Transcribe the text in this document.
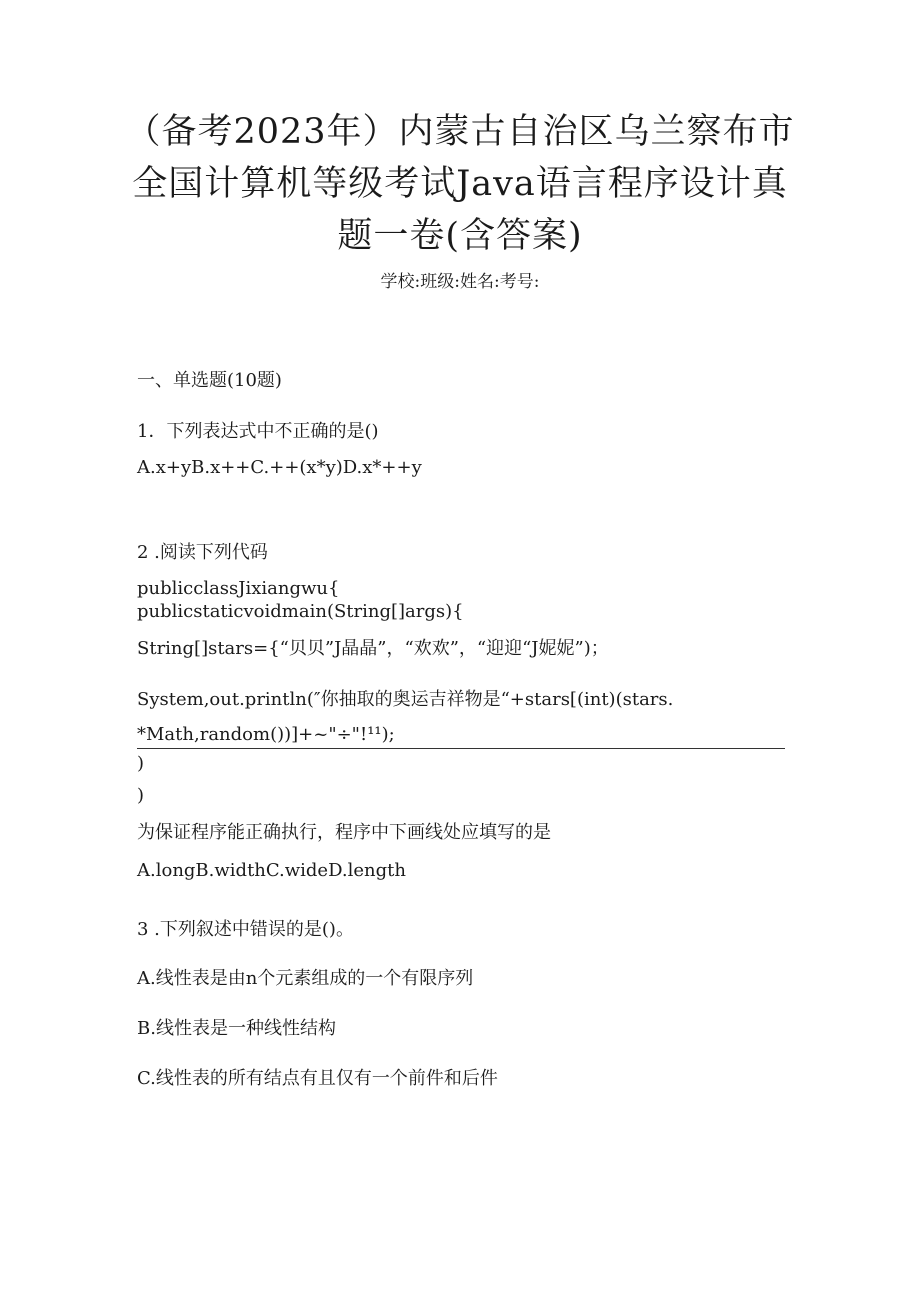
（备考2023年）内蒙古自治区乌兰察布市
全国计算机等级考试Java语言程序设计真
题一卷(含答案)
学校:班级:姓名:考号:
一、单选题(10题)
1．下列表达式中不正确的是()
A.x+yB.x++C.++(x*y)D.x*++y
2 .阅读下列代码
publicclassJixiangwu{
publicstaticvoidmain(String[]args){
String[]stars={“贝贝”J晶晶”，“欢欢”，“迎迎“J妮妮”)；
System,out.println(″你抽取的奥运吉祥物是“+stars[(int)(stars.
*Math,random())]+~"÷"!¹¹);
)
)
为保证程序能正确执行，程序中下画线处应填写的是
A.longB.widthC.wideD.length
3 .下列叙述中错误的是()。
A.线性表是由n个元素组成的一个有限序列
B.线性表是一种线性结构
C.线性表的所有结点有且仅有一个前件和后件
